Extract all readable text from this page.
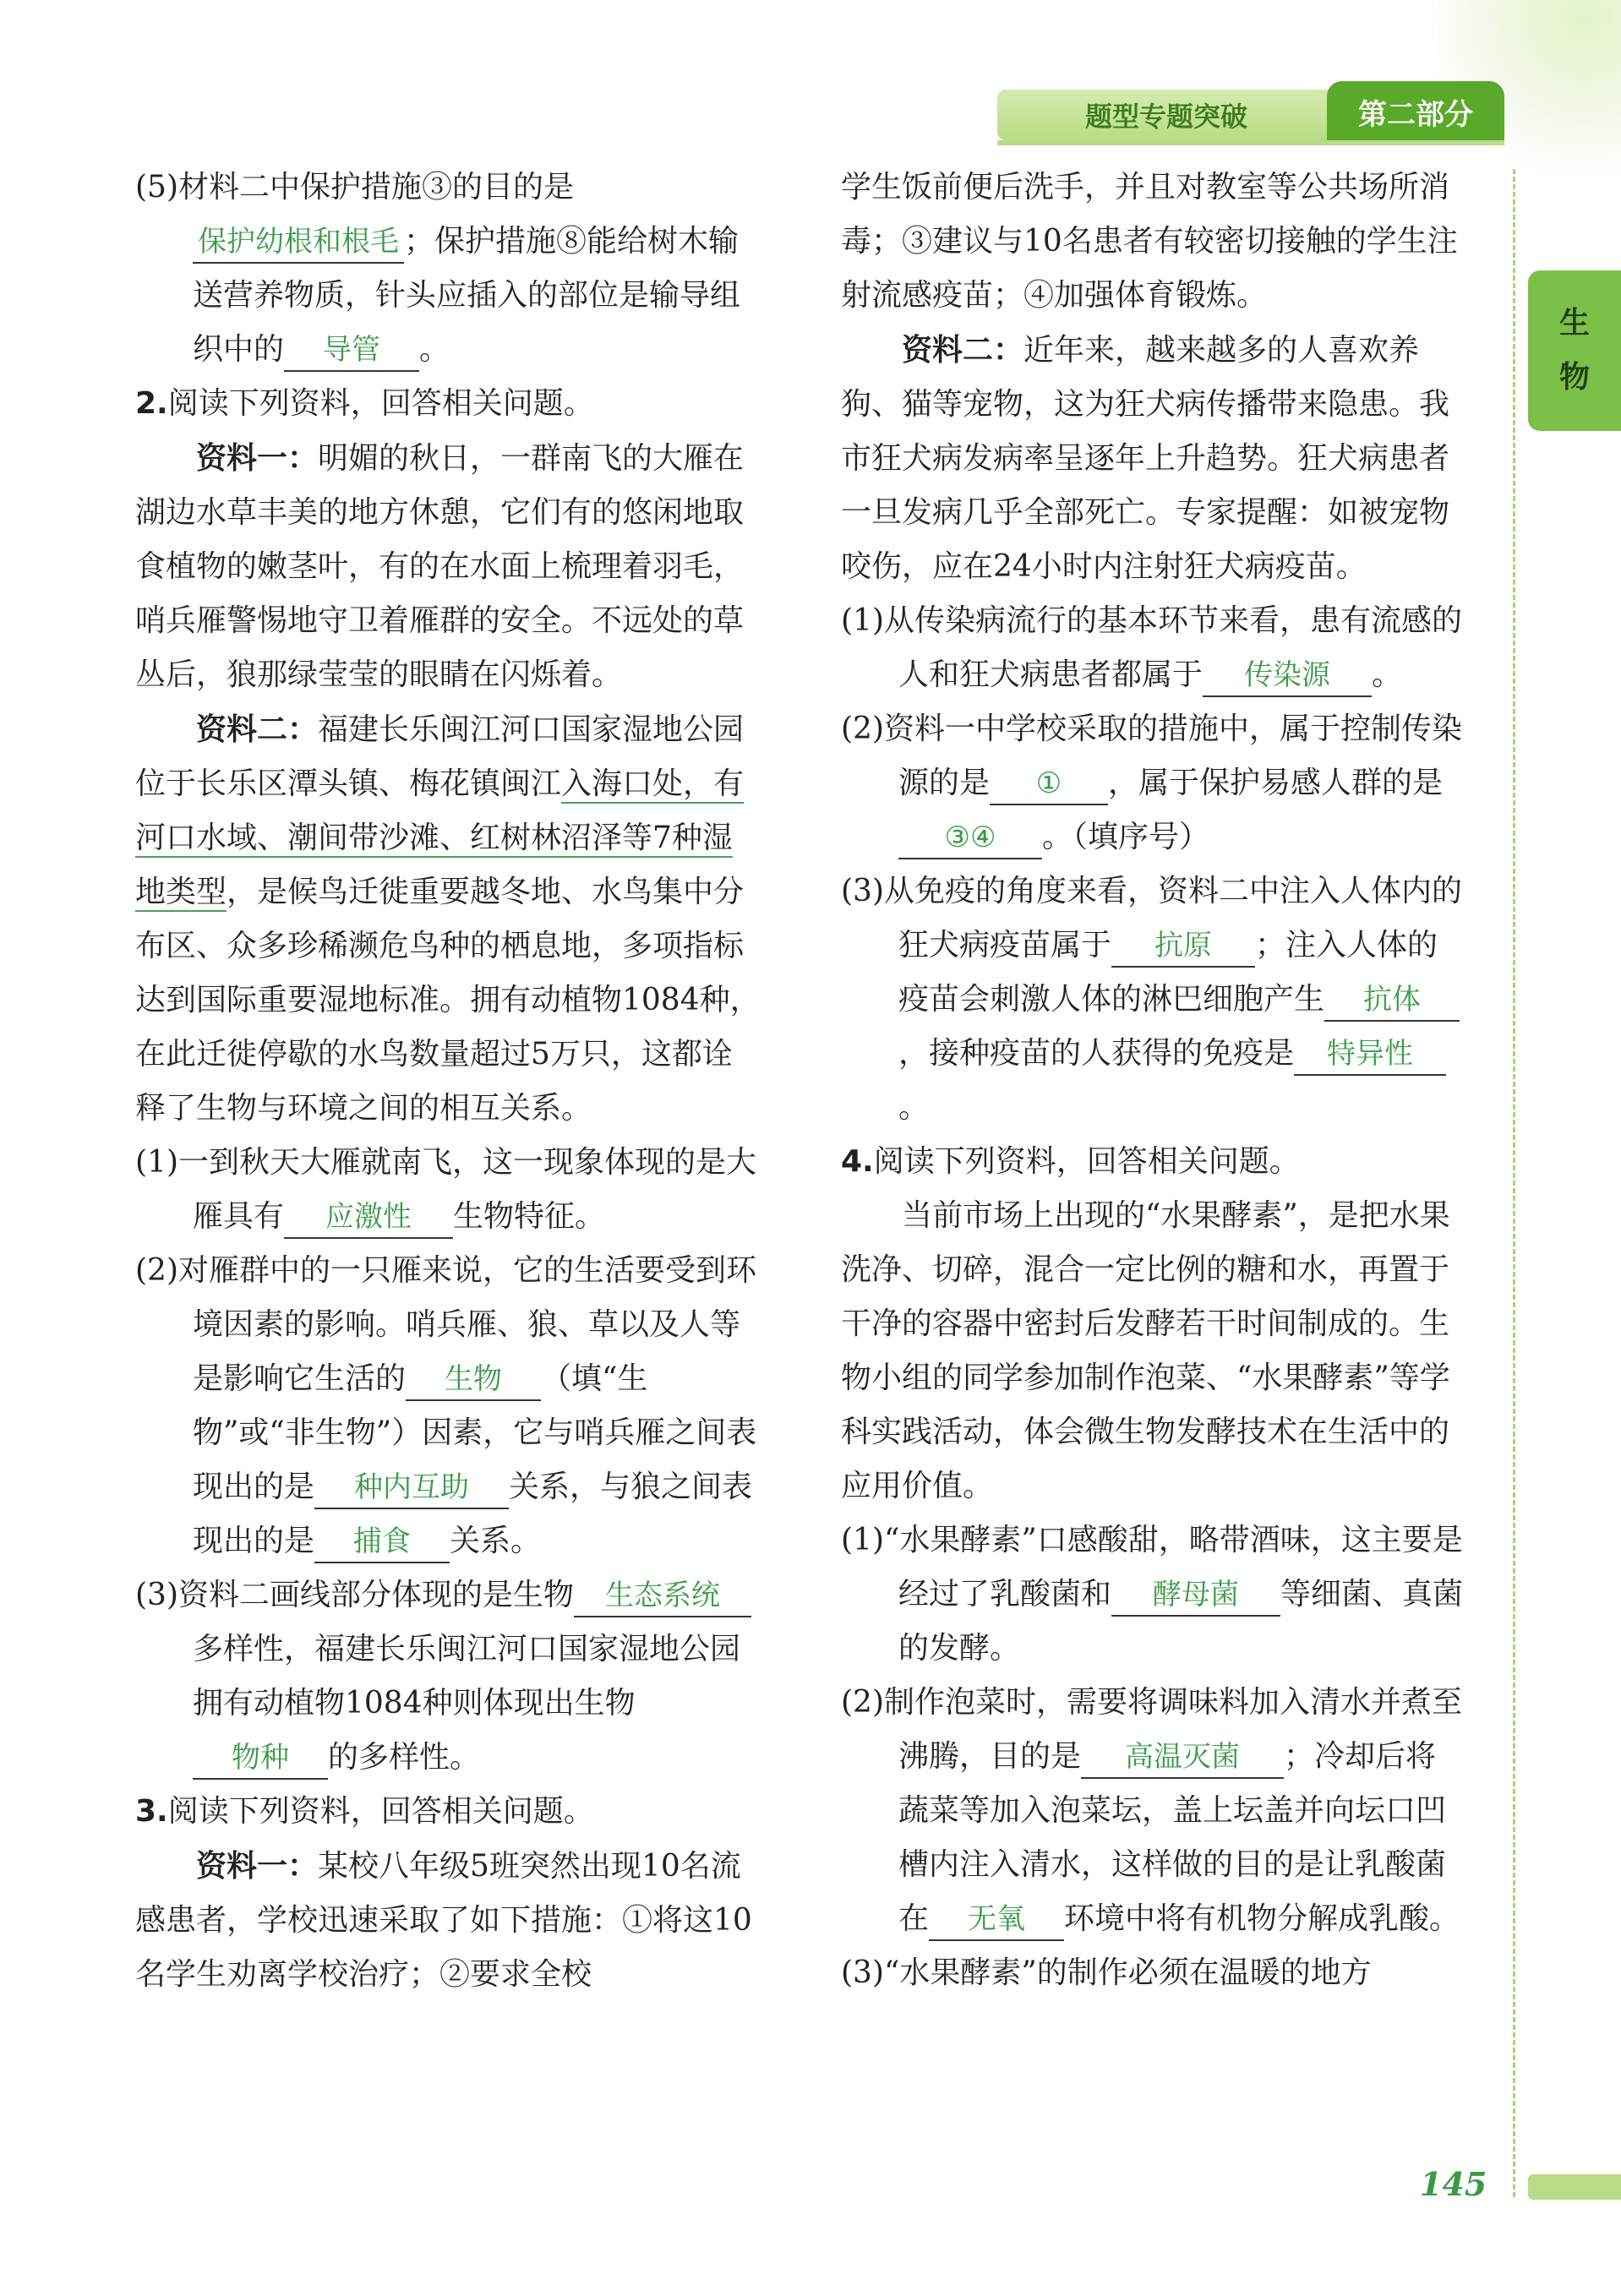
题型专题突破	第二部分
生
物

(5)材料二中保护措施③的目的是保护幼根和根毛 ；保护措施⑧能给树木输送营养物质，针头应插入的部位是输导组织中的 导管 。

2.阅读下列资料，回答相关问题。

资料一：明媚的秋日，一群南飞的大雁在湖边水草丰美的地方休憩，它们有的悠闲地取食植物的嫩茎叶，有的在水面上梳理着羽毛，哨兵雁警惕地守卫着雁群的安全。不远处的草丛后，狼那绿莹莹的眼睛在闪烁着。

资料二：福建长乐闽江河口国家湿地公园位于长乐区潭头镇、梅花镇闽江入海口处，有河口水域、潮间带沙滩、红树林沼泽等7种湿地类型，是候鸟迁徙重要越冬地、水鸟集中分布区、众多珍稀濒危鸟种的栖息地，多项指标达到国际重要湿地标准。拥有动植物1084种，在此迁徙停歇的水鸟数量超过5万只，这都诠释了生物与环境之间的相互关系。

(1)一到秋天大雁就南飞，这一现象体现的是大雁具有 应激性 生物特征。

(2)对雁群中的一只雁来说，它的生活要受到环境因素的影响。哨兵雁、狼、草以及人等是影响它生活的 生物 （填“生物”或“非生物”）因素，它与哨兵雁之间表现出的是 种内互助 关系，与狼之间表现出的是 捕食 关系。

(3)资料二画线部分体现的是生物 生态系统多样性，福建长乐闽江河口国家湿地公园拥有动植物1084种则体现出生物物种 的多样性。

3.阅读下列资料，回答相关问题。

资料一：某校八年级5班突然出现10名流感患者，学校迅速采取了如下措施：①将这10名学生劝离学校治疗；②要求全校

学生饭前便后洗手，并且对教室等公共场所消毒；③建议与10名患者有较密切接触的学生注射流感疫苗；④加强体育锻炼。

资料二：近年来，越来越多的人喜欢养狗、猫等宠物，这为狂犬病传播带来隐患。我市狂犬病发病率呈逐年上升趋势。狂犬病患者一旦发病几乎全部死亡。专家提醒：如被宠物咬伤，应在24小时内注射狂犬病疫苗。

(1)从传染病流行的基本环节来看，患有流感的人和狂犬病患者都属于 传染源 。

(2)资料一中学校采取的措施中，属于控制传染源的是 ① ，属于保护易感人群的是③④ 。（填序号）

(3)从免疫的角度来看，资料二中注入人体内的狂犬病疫苗属于 抗原 ；注入人体的疫苗会刺激人体的淋巴细胞产生 抗体，接种疫苗的人获得的免疫是 特异性。

4.阅读下列资料，回答相关问题。

当前市场上出现的“水果酵素”，是把水果洗净、切碎，混合一定比例的糖和水，再置于干净的容器中密封后发酵若干时间制成的。生物小组的同学参加制作泡菜、“水果酵素”等学科实践活动，体会微生物发酵技术在生活中的应用价值。

(1)“水果酵素”口感酸甜，略带酒味，这主要是经过了乳酸菌和 酵母菌 等细菌、真菌的发酵。

(2)制作泡菜时，需要将调味料加入清水并煮至沸腾，目的是 高温灭菌 ；冷却后将蔬菜等加入泡菜坛，盖上坛盖并向坛口凹槽内注入清水，这样做的目的是让乳酸菌在 无氧 环境中将有机物分解成乳酸。

(3)“水果酵素”的制作必须在温暖的地方

145
